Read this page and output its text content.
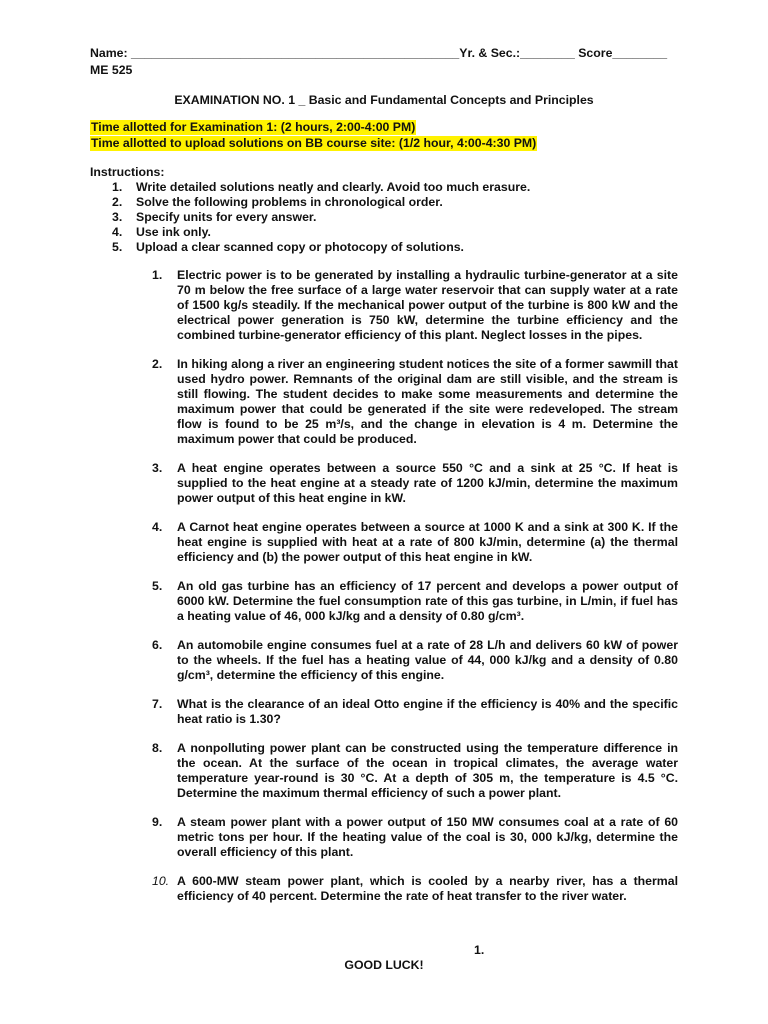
Name: ________________________________________________Yr. & Sec.:________ Score________
ME 525
EXAMINATION NO. 1 _ Basic and Fundamental Concepts and Principles
Time allotted for Examination 1: (2 hours, 2:00-4:00 PM)
Time allotted to upload solutions on BB course site: (1/2 hour, 4:00-4:30 PM)
Instructions:
1.	Write detailed solutions neatly and clearly. Avoid too much erasure.
2.	Solve the following problems in chronological order.
3.	Specify units for every answer.
4.	Use ink only.
5.	Upload a clear scanned copy or photocopy of solutions.
1.	Electric power is to be generated by installing a hydraulic turbine-generator at a site 70 m below the free surface of a large water reservoir that can supply water at a rate of 1500 kg/s steadily. If the mechanical power output of the turbine is 800 kW and the electrical power generation is 750 kW, determine the turbine efficiency and the combined turbine-generator efficiency of this plant. Neglect losses in the pipes.
2.	In hiking along a river an engineering student notices the site of a former sawmill that used hydro power. Remnants of the original dam are still visible, and the stream is still flowing. The student decides to make some measurements and determine the maximum power that could be generated if the site were redeveloped. The stream flow is found to be 25 m³/s, and the change in elevation is 4 m. Determine the maximum power that could be produced.
3.	A heat engine operates between a source 550 °C and a sink at 25 °C. If heat is supplied to the heat engine at a steady rate of 1200 kJ/min, determine the maximum power output of this heat engine in kW.
4.	A Carnot heat engine operates between a source at 1000 K and a sink at 300 K. If the heat engine is supplied with heat at a rate of 800 kJ/min, determine (a) the thermal efficiency and (b) the power output of this heat engine in kW.
5.	An old gas turbine has an efficiency of 17 percent and develops a power output of 6000 kW. Determine the fuel consumption rate of this gas turbine, in L/min, if fuel has a heating value of 46, 000 kJ/kg and a density of 0.80 g/cm³.
6.	An automobile engine consumes fuel at a rate of 28 L/h and delivers 60 kW of power to the wheels. If the fuel has a heating value of 44, 000 kJ/kg and a density of 0.80 g/cm³, determine the efficiency of this engine.
7.	What is the clearance of an ideal Otto engine if the efficiency is 40% and the specific heat ratio is 1.30?
8.	A nonpolluting power plant can be constructed using the temperature difference in the ocean. At the surface of the ocean in tropical climates, the average water temperature year-round is 30 °C. At a depth of 305 m, the temperature is 4.5 °C. Determine the maximum thermal efficiency of such a power plant.
9.	A steam power plant with a power output of 150 MW consumes coal at a rate of 60 metric tons per hour. If the heating value of the coal is 30, 000 kJ/kg, determine the overall efficiency of this plant.
10. A 600-MW steam power plant, which is cooled by a nearby river, has a thermal efficiency of 40 percent. Determine the rate of heat transfer to the river water.
1.
GOOD LUCK!
